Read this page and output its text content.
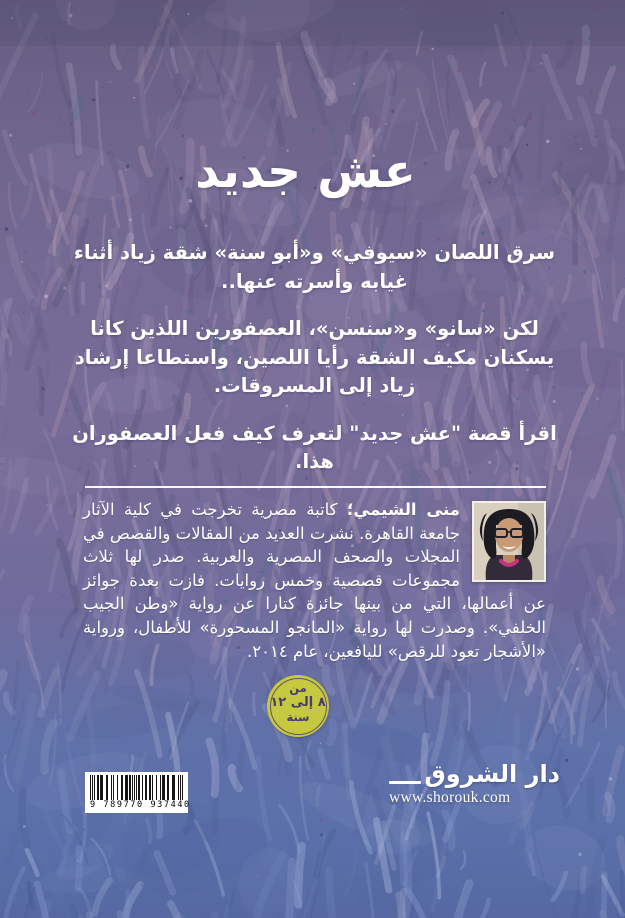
عش جديد

سرق اللصان «سيوفي» و«أبو سنة» شقة زياد أثناء غيابه وأسرته عنها..

لكن «سانو» و«سنسن»، العصفورين اللذين كانا يسكنان مكيف الشقة رأيا اللصين، واستطاعا إرشاد زياد إلى المسروقات.

اقرأ قصة "عش جديد" لتعرف كيف فعل العصفوران هذا.

منى الشيمي؛ كاتبة مصرية تخرجت في كلية الآثار جامعة القاهرة. نشرت العديد من المقالات والقصص في المجلات والصحف المصرية والعربية. صدر لها ثلاث مجموعات قصصية وخمس روايات. فازت بعدة جوائز عن أعمالها، التي من بينها جائزة كتارا عن رواية «وطن الجيب الخلفي». وصدرت لها رواية «المانجو المسحورة» للأطفال، ورواية «الأشجار تعود للرقص» لليافعين، عام ٢٠١٤.
من
٨ إلى ١٢
سنة
9 789770 937440
دار الشروق
www.shorouk.com
